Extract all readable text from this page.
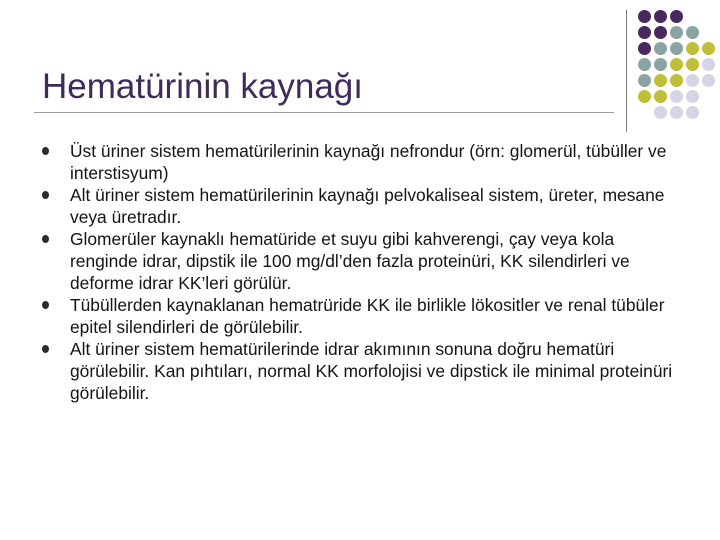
Hematürinin kaynağı
Üst üriner sistem hematürilerinin kaynağı nefrondur (örn: glomerül, tübüller ve interstisyum)
Alt üriner sistem hematürilerinin kaynağı pelvokaliseal sistem, üreter, mesane veya üretradır.
Glomerüler kaynaklı hematüride et suyu gibi kahverengi, çay veya kola renginde idrar, dipstik ile 100 mg/dl’den fazla proteinüri, KK silendirleri ve deforme idrar KK’leri görülür.
Tübüllerden kaynaklanan hematrüride KK ile birlikle lökositler ve renal tübüler epitel silendirleri de görülebilir.
Alt üriner sistem hematürilerinde idrar akımının sonuna doğru hematüri görülebilir. Kan pıhtıları, normal KK morfolojisi ve dipstick ile minimal proteinüri görülebilir.
